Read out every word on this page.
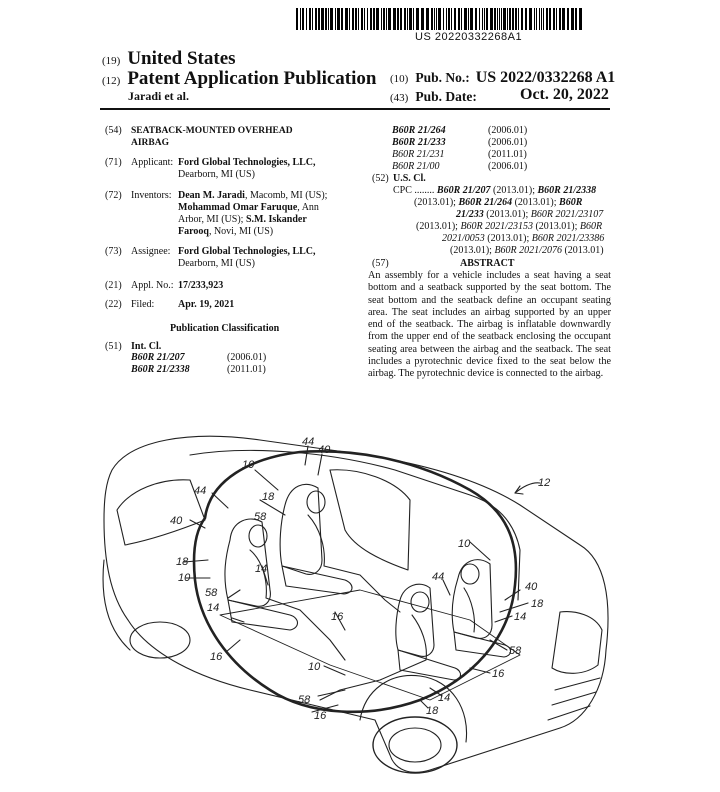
US 20220332268A1
(19) United States
(12) Patent Application Publication
Jaradi et al.
(10) Pub. No.: US 2022/0332268 A1
(43) Pub. Date:	Oct. 20, 2022
(54) SEATBACK-MOUNTED OVERHEAD
AIRBAG
(71) Applicant: Ford Global Technologies, LLC,
Dearborn, MI (US)
(72) Inventors: Dean M. Jaradi, Macomb, MI (US);
Mohammad Omar Faruque, Ann
Arbor, MI (US); S.M. Iskander
Farooq, Novi, MI (US)
(73) Assignee: Ford Global Technologies, LLC,
Dearborn, MI (US)
(21) Appl. No.: 17/233,923
(22) Filed: Apr. 19, 2021
Publication Classification
(51) Int. Cl.
B60R 21/207	(2006.01)
B60R 21/2338	(2011.01)
B60R 21/264	(2006.01)
B60R 21/233	(2006.01)
B60R 21/231	(2011.01)
B60R 21/00	(2006.01)
(52) U.S. Cl.
CPC ........ B60R 21/207 (2013.01); B60R 21/2338
(2013.01); B60R 21/264 (2013.01); B60R
21/233 (2013.01); B60R 2021/23107
(2013.01); B60R 2021/23153 (2013.01); B60R
2021/0053 (2013.01); B60R 2021/23386
(2013.01); B60R 2021/2076 (2013.01)
(57)	ABSTRACT
An assembly for a vehicle includes a seat having a seat bottom and a seatback supported by the seat bottom. The seat bottom and the seatback define an occupant seating area. The seat includes an airbag supported by an upper end of the seatback. The airbag is inflatable downwardly from the upper end of the seatback enclosing the occupant seating area between the airbag and the seatback. The seat includes a pyrotechnic device fixed to the seat below the airbag. The pyrotechnic device is connected to the airbag.
44
40
10
18
44
58
40
18
10
14
58
14
16
16
12
10
44
40
18
14
58
16
10
58	14
16	18
